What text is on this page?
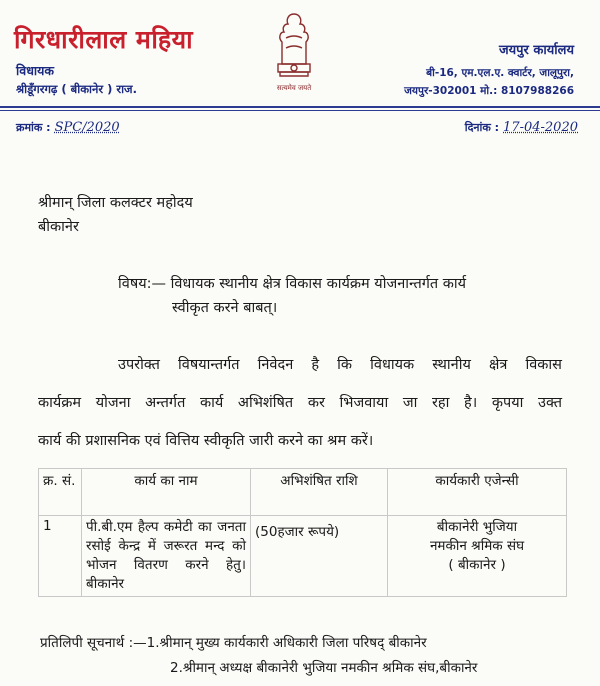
गिरधारीलाल महिया
विधायक
श्रीडूँगरगढ़ ( बीकानेर ) राज.	सत्यमेव जयते
जयपुर कार्यालय
बी-16, एम.एल.ए. क्वार्टर, जालूपुरा,
जयपुर-302001 मो.: 8107988266
क्रमांक : SPC/2020	दिनांक : 17-04-2020
श्रीमान् जिला कलक्टर महोदय
बीकानेर
विषय:— विधायक स्थानीय क्षेत्र विकास कार्यक्रम योजनान्तर्गत कार्य
स्वीकृत करने बाबत्।
उपरोक्त विषयान्तर्गत निवेदन है कि विधायक स्थानीय क्षेत्र विकास
कार्यक्रम योजना अन्तर्गत कार्य अभिशंषित कर भिजवाया जा रहा है। कृपया उक्त
कार्य की प्रशासनिक एवं वित्तिय स्वीकृति जारी करने का श्रम करें।
क्र. सं.	कार्य का नाम	अभिशंषित राशि	कार्यकारी एजेन्सी
1	पी.बी.एम हैल्प कमेटी का जनता रसोई केन्द्र में जरूरत मन्द को भोजन वितरण करने हेतु। बीकानेर	(50हजार रूपये)	बीकानेरी भुजिया
नमकीन श्रमिक संघ
( बीकानेर )
प्रतिलिपी सूचनार्थ :—1.श्रीमान् मुख्य कार्यकारी अधिकारी जिला परिषद् बीकानेर
2.श्रीमान् अध्यक्ष बीकानेरी भुजिया नमकीन श्रमिक संघ,बीकानेर
